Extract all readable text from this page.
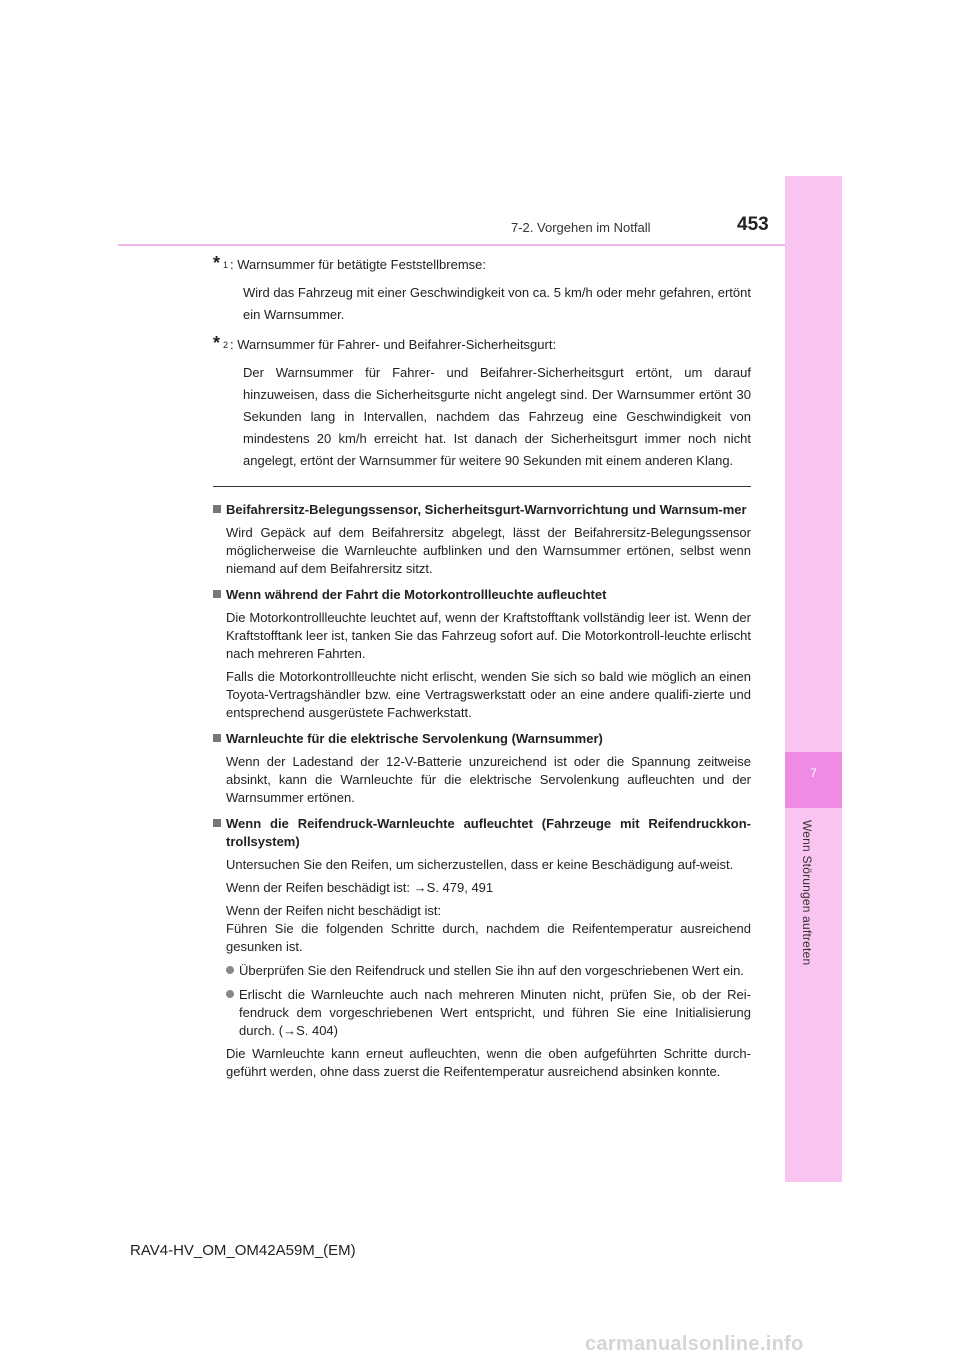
7
Wenn Störungen auftreten
7-2. Vorgehen im Notfall	453
* 1 : Warnsummer für betätigte Feststellbremse:
Wird das Fahrzeug mit einer Geschwindigkeit von ca. 5 km/h oder mehr gefahren, ertönt ein Warnsummer.
* 2 : Warnsummer für Fahrer- und Beifahrer-Sicherheitsgurt:
Der Warnsummer für Fahrer- und Beifahrer-Sicherheitsgurt ertönt, um darauf hinzuweisen, dass die Sicherheitsgurte nicht angelegt sind. Der Warnsummer ertönt 30 Sekunden lang in Intervallen, nachdem das Fahrzeug eine Geschwindigkeit von mindestens 20 km/h erreicht hat. Ist danach der Sicherheitsgurt immer noch nicht angelegt, ertönt der Warnsummer für weitere 90 Sekunden mit einem anderen Klang.
Beifahrersitz-Belegungssensor, Sicherheitsgurt-Warnvorrichtung und Warnsum-mer
Wird Gepäck auf dem Beifahrersitz abgelegt, lässt der Beifahrersitz-Belegungssensor möglicherweise die Warnleuchte aufblinken und den Warnsummer ertönen, selbst wenn niemand auf dem Beifahrersitz sitzt.
Wenn während der Fahrt die Motorkontrollleuchte aufleuchtet
Die Motorkontrollleuchte leuchtet auf, wenn der Kraftstofftank vollständig leer ist. Wenn der Kraftstofftank leer ist, tanken Sie das Fahrzeug sofort auf. Die Motorkontroll-leuchte erlischt nach mehreren Fahrten.
Falls die Motorkontrollleuchte nicht erlischt, wenden Sie sich so bald wie möglich an einen Toyota-Vertragshändler bzw. eine Vertragswerkstatt oder an eine andere qualifi-zierte und entsprechend ausgerüstete Fachwerkstatt.
Warnleuchte für die elektrische Servolenkung (Warnsummer)
Wenn der Ladestand der 12-V-Batterie unzureichend ist oder die Spannung zeitweise absinkt, kann die Warnleuchte für die elektrische Servolenkung aufleuchten und der Warnsummer ertönen.
Wenn die Reifendruck-Warnleuchte aufleuchtet (Fahrzeuge mit Reifendruckkon-trollsystem)
Untersuchen Sie den Reifen, um sicherzustellen, dass er keine Beschädigung auf-weist.
Wenn der Reifen beschädigt ist: →S. 479, 491
Wenn der Reifen nicht beschädigt ist:
Führen Sie die folgenden Schritte durch, nachdem die Reifentemperatur ausreichend gesunken ist.
Überprüfen Sie den Reifendruck und stellen Sie ihn auf den vorgeschriebenen Wert ein.
Erlischt die Warnleuchte auch nach mehreren Minuten nicht, prüfen Sie, ob der Rei-fendruck dem vorgeschriebenen Wert entspricht, und führen Sie eine Initialisierung durch. (→S. 404)
Die Warnleuchte kann erneut aufleuchten, wenn die oben aufgeführten Schritte durch-geführt werden, ohne dass zuerst die Reifentemperatur ausreichend absinken konnte.
RAV4-HV_OM_OM42A59M_(EM)
carmanualsonline.info
